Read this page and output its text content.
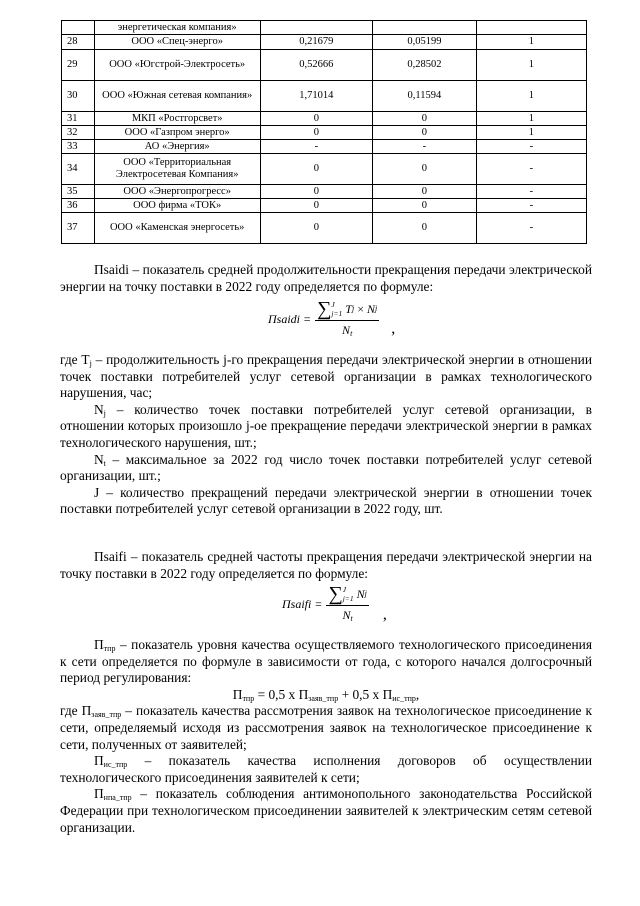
	энергетическая компания»			
28	ООО «Спец-энерго»	0,21679	0,05199	1
29	ООО «Югстрой-Электросеть»	0,52666	0,28502	1
30	ООО «Южная сетевая компания»	1,71014	0,11594	1
31	МКП «Ростгорсвет»	0	0	1
32	ООО «Газпром энерго»	0	0	1
33	АО «Энергия»	-	-	-
34	ООО «Территориальная Электросетевая Компания»	0	0	-
35	ООО «Энергопрогресс»	0	0	-
36	ООО фирма «ТОК»	0	0	-
37	ООО «Каменская энергосеть»	0	0	-

Пsaidi – показатель средней продолжительности прекращения передачи электрической энергии на точку поставки в 2022 году определяется по формуле:

Пsaidi = ∑ J
j=1 T j × N j
$N_t$ ,

где $T_j$ – продолжительность j-го прекращения передачи электрической энергии в отношении точек поставки потребителей услуг сетевой организации в рамках технологического нарушения, час;

$N_j$ – количество точек поставки потребителей услуг сетевой организации, в отношении которых произошло j-ое прекращение передачи электрической энергии в рамках технологического нарушения, шт.;

$N_t$ – максимальное за 2022 год число точек поставки потребителей услуг сетевой организации, шт.;

J – количество прекращений передачи электрической энергии в отношении точек поставки потребителей услуг сетевой организации в 2022 году, шт.

Пsaifi – показатель средней частоты прекращения передачи электрической энергии на точку поставки в 2022 году определяется по формуле:

Пsaifi = ∑ J
j=1 N j
$N_t$ ,

$П_{тпр}$ – показатель уровня качества осуществляемого технологического присоединения к сети определяется по формуле в зависимости от года, с которого начался долгосрочный период регулирования:

$П_{тпр} = 0,5$ х $П_{заяв\_тпр} + 0,5$ х $П_{ис\_тпр}$,

где $П_{заяв\_тпр}$ – показатель качества рассмотрения заявок на технологическое присоединение к сети, определяемый исходя из рассмотрения заявок на технологическое присоединение к сети, полученных от заявителей;

$П_{ис\_тпр}$ – показатель качества исполнения договоров об осуществлении технологического присоединения заявителей к сети;

$П_{нпа\_тпр}$ – показатель соблюдения антимонопольного законодательства Российской Федерации при технологическом присоединении заявителей к электрическим сетям сетевой организации.
